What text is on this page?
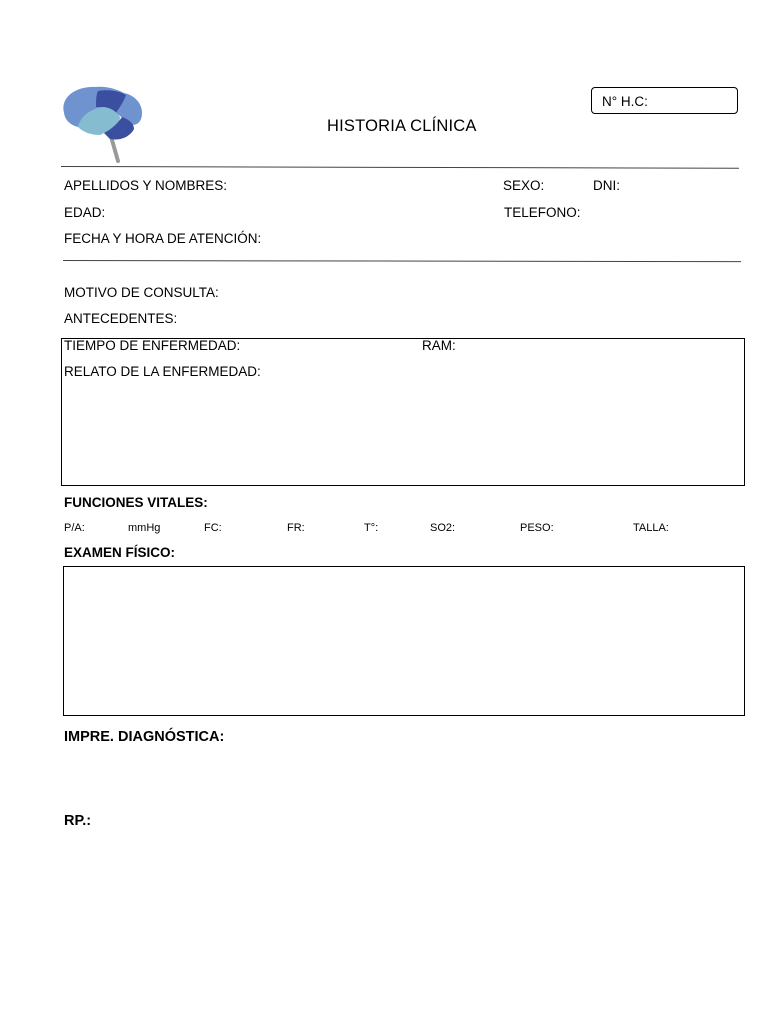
HISTORIA CLÍNICA
N° H.C:
APELLIDOS Y NOMBRES:	SEXO:	DNI:
EDAD:	TELEFONO:
FECHA Y HORA DE ATENCIÓN:
MOTIVO DE CONSULTA:
ANTECEDENTES:
TIEMPO DE ENFERMEDAD:	RAM:
RELATO DE LA ENFERMEDAD:
FUNCIONES VITALES:
P/A:	mmHg	FC:	FR:	T°:	SO2:	PESO:	TALLA:
EXAMEN FÍSICO:
IMPRE. DIAGNÓSTICA:
RP.:
